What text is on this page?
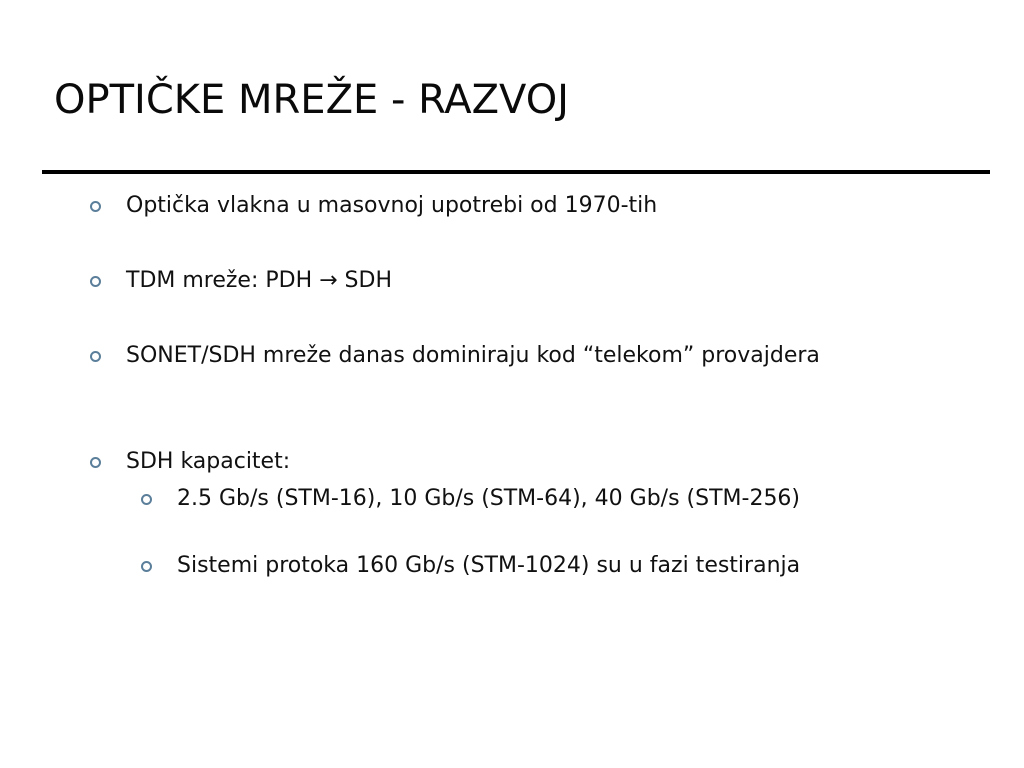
OPTIČKE MREŽE - RAZVOJ
Optička vlakna u masovnoj upotrebi od 1970-tih
TDM mreže: PDH → SDH
SONET/SDH mreže danas dominiraju kod “telekom” provajdera
SDH kapacitet:
2.5 Gb/s (STM-16), 10 Gb/s (STM-64), 40 Gb/s (STM-256)
Sistemi protoka 160 Gb/s (STM-1024) su u fazi testiranja
